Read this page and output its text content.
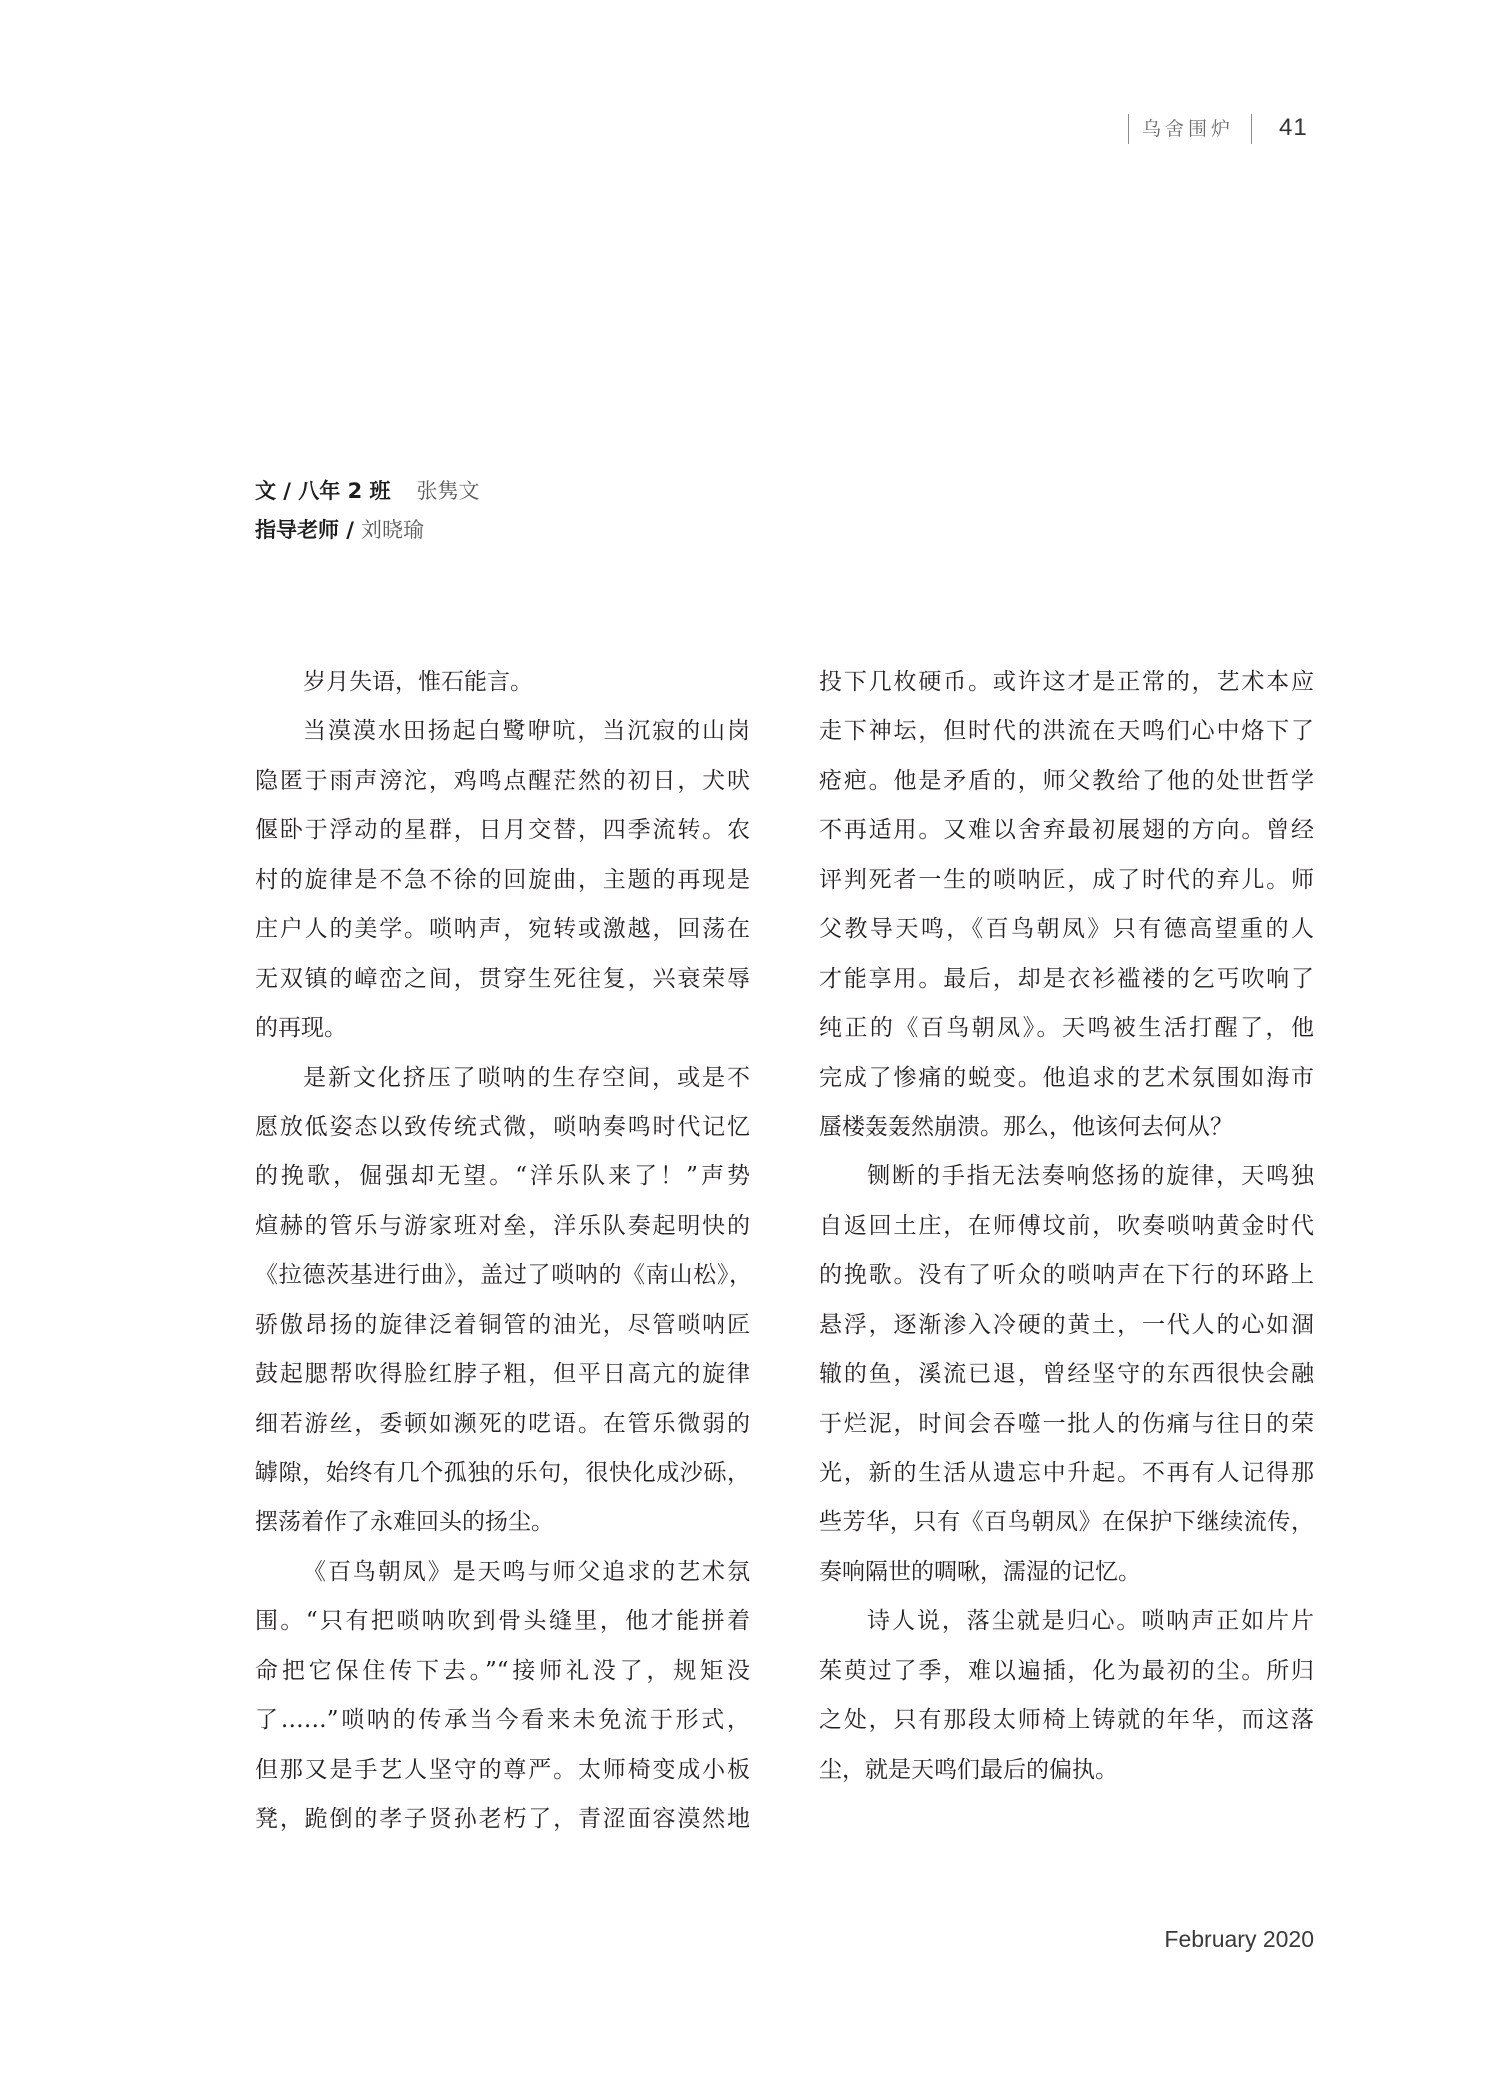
乌舍围炉 41
文 / 八年 2 班 张隽文
指导老师 / 刘晓瑜
岁月失语，惟石能言。
当漠漠水田扬起白鹭咿吭，当沉寂的山岗
隐匿于雨声滂沱，鸡鸣点醒茫然的初日，犬吠
偃卧于浮动的星群，日月交替，四季流转。农
村的旋律是不急不徐的回旋曲，主题的再现是
庄户人的美学。唢呐声，宛转或激越，回荡在
无双镇的嶂峦之间，贯穿生死往复，兴衰荣辱
的再现。
是新文化挤压了唢呐的生存空间，或是不
愿放低姿态以致传统式微，唢呐奏鸣时代记忆
的挽歌，倔强却无望。“洋乐队来了！”声势
煊赫的管乐与游家班对垒，洋乐队奏起明快的
《拉德茨基进行曲》，盖过了唢呐的《南山松》，
骄傲昂扬的旋律泛着铜管的油光，尽管唢呐匠
鼓起腮帮吹得脸红脖子粗，但平日高亢的旋律
细若游丝，委顿如濒死的呓语。在管乐微弱的
罅隙，始终有几个孤独的乐句，很快化成沙砾，
摆荡着作了永难回头的扬尘。
《百鸟朝凤》是天鸣与师父追求的艺术氛
围。“只有把唢呐吹到骨头缝里，他才能拼着
命把它保住传下去。”“接师礼没了，规矩没
了……”唢呐的传承当今看来未免流于形式，
但那又是手艺人坚守的尊严。太师椅变成小板
凳，跪倒的孝子贤孙老朽了，青涩面容漠然地
投下几枚硬币。或许这才是正常的，艺术本应
走下神坛，但时代的洪流在天鸣们心中烙下了
疮疤。他是矛盾的，师父教给了他的处世哲学
不再适用。又难以舍弃最初展翅的方向。曾经
评判死者一生的唢呐匠，成了时代的弃儿。师
父教导天鸣，《百鸟朝凤》只有德高望重的人
才能享用。最后，却是衣衫褴褛的乞丐吹响了
纯正的《百鸟朝凤》。天鸣被生活打醒了，他
完成了惨痛的蜕变。他追求的艺术氛围如海市
蜃楼轰轰然崩溃。那么，他该何去何从？
铡断的手指无法奏响悠扬的旋律，天鸣独
自返回土庄，在师傅坟前，吹奏唢呐黄金时代
的挽歌。没有了听众的唢呐声在下行的环路上
悬浮，逐渐渗入冷硬的黄土，一代人的心如涸
辙的鱼，溪流已退，曾经坚守的东西很快会融
于烂泥，时间会吞噬一批人的伤痛与往日的荣
光，新的生活从遗忘中升起。不再有人记得那
些芳华，只有《百鸟朝凤》在保护下继续流传，
奏响隔世的啁啾，濡湿的记忆。
诗人说，落尘就是归心。唢呐声正如片片
茱萸过了季，难以遍插，化为最初的尘。所归
之处，只有那段太师椅上铸就的年华，而这落
尘，就是天鸣们最后的偏执。
February 2020
